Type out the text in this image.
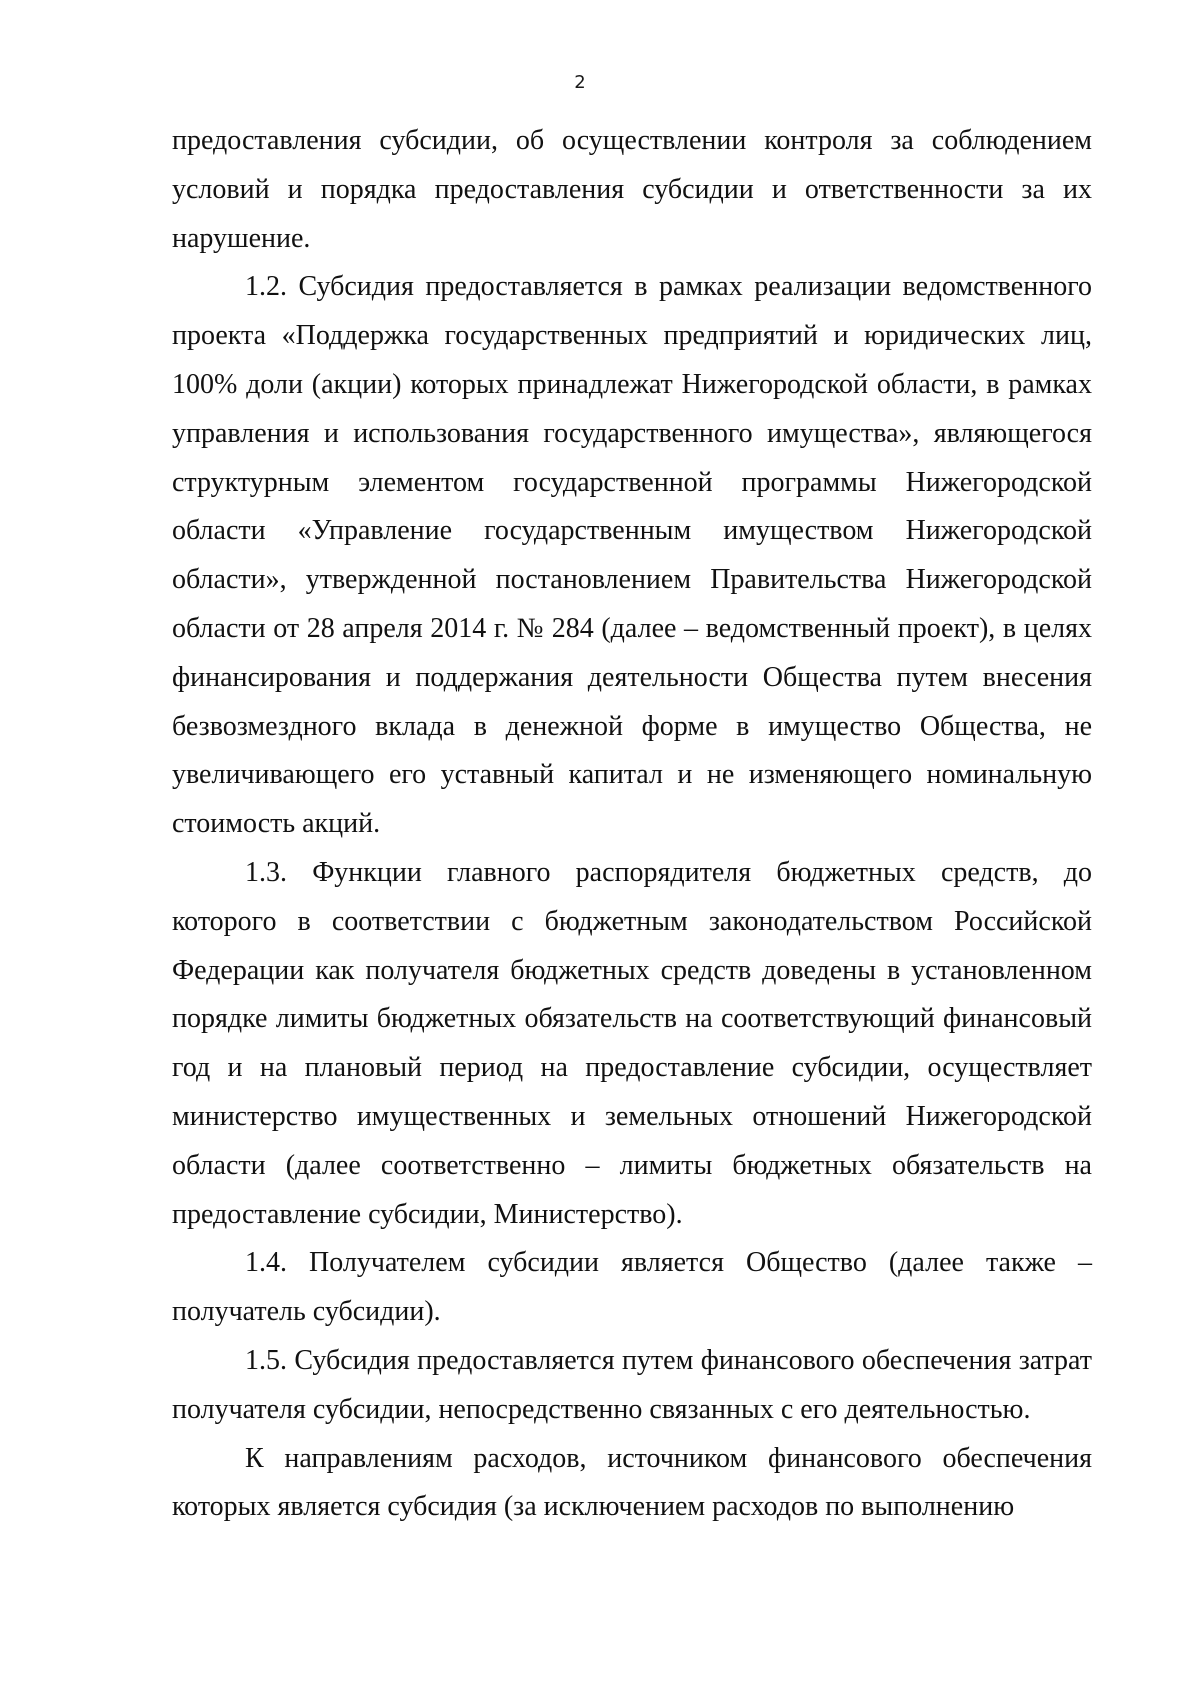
2

предоставления субсидии, об осуществлении контроля за соблюдением условий и порядка предоставления субсидии и ответственности за их нарушение.

1.2. Субсидия предоставляется в рамках реализации ведомственного проекта «Поддержка государственных предприятий и юридических лиц, 100% доли (акции) которых принадлежат Нижегородской области, в рамках управления и использования государственного имущества», являющегося структурным элементом государственной программы Нижегородской области «Управление государственным имуществом Нижегородской области», утвержденной постановлением Правительства Нижегородской области от 28 апреля 2014 г. № 284 (далее – ведомственный проект), в целях финансирования и поддержания деятельности Общества путем внесения безвозмездного вклада в денежной форме в имущество Общества, не увеличивающего его уставный капитал и не изменяющего номинальную стоимость акций.

1.3. Функции главного распорядителя бюджетных средств, до которого в соответствии с бюджетным законодательством Российской Федерации как получателя бюджетных средств доведены в установленном порядке лимиты бюджетных обязательств на соответствующий финансовый год и на плановый период на предоставление субсидии, осуществляет министерство имущественных и земельных отношений Нижегородской области (далее соответственно – лимиты бюджетных обязательств на предоставление субсидии, Министерство).

1.4. Получателем субсидии является Общество (далее также – получатель субсидии).

1.5. Субсидия предоставляется путем финансового обеспечения затрат получателя субсидии, непосредственно связанных с его деятельностью.

К направлениям расходов, источником финансового обеспечения которых является субсидия (за исключением расходов по выполнению
